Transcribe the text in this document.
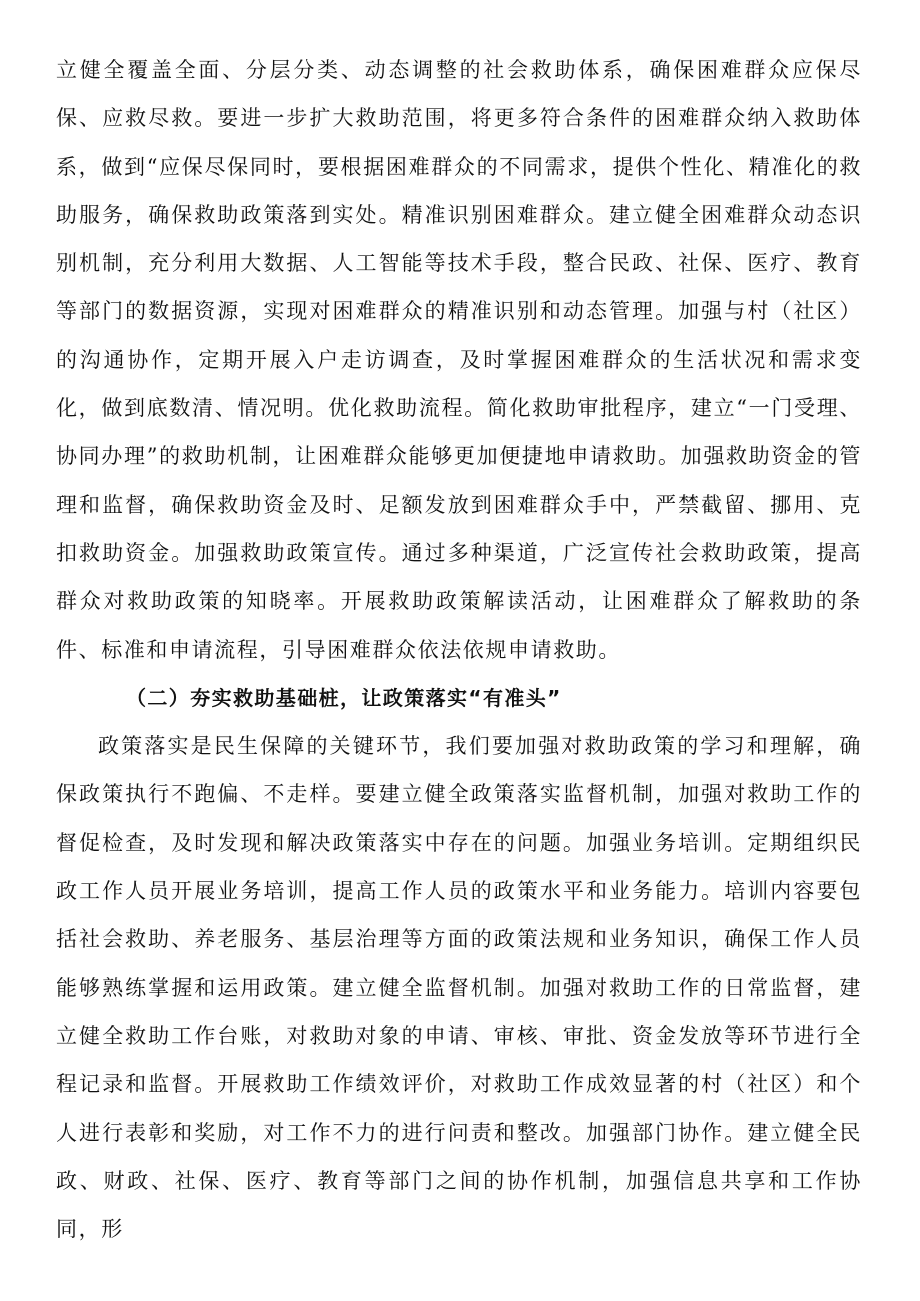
立健全覆盖全面、分层分类、动态调整的社会救助体系，确保困难群众应保尽保、应救尽救。要进一步扩大救助范围，将更多符合条件的困难群众纳入救助体系，做到“应保尽保同时，要根据困难群众的不同需求，提供个性化、精准化的救助服务，确保救助政策落到实处。精准识别困难群众。建立健全困难群众动态识别机制，充分利用大数据、人工智能等技术手段，整合民政、社保、医疗、教育等部门的数据资源，实现对困难群众的精准识别和动态管理。加强与村（社区）的沟通协作，定期开展入户走访调查，及时掌握困难群众的生活状况和需求变化，做到底数清、情况明。优化救助流程。简化救助审批程序，建立“一门受理、协同办理”的救助机制，让困难群众能够更加便捷地申请救助。加强救助资金的管理和监督，确保救助资金及时、足额发放到困难群众手中，严禁截留、挪用、克扣救助资金。加强救助政策宣传。通过多种渠道，广泛宣传社会救助政策，提高群众对救助政策的知晓率。开展救助政策解读活动，让困难群众了解救助的条件、标准和申请流程，引导困难群众依法依规申请救助。

（二）夯实救助基础桩，让政策落实“有准头”

政策落实是民生保障的关键环节，我们要加强对救助政策的学习和理解，确保政策执行不跑偏、不走样。要建立健全政策落实监督机制，加强对救助工作的督促检查，及时发现和解决政策落实中存在的问题。加强业务培训。定期组织民政工作人员开展业务培训，提高工作人员的政策水平和业务能力。培训内容要包括社会救助、养老服务、基层治理等方面的政策法规和业务知识，确保工作人员能够熟练掌握和运用政策。建立健全监督机制。加强对救助工作的日常监督，建立健全救助工作台账，对救助对象的申请、审核、审批、资金发放等环节进行全程记录和监督。开展救助工作绩效评价，对救助工作成效显著的村（社区）和个人进行表彰和奖励，对工作不力的进行问责和整改。加强部门协作。建立健全民政、财政、社保、医疗、教育等部门之间的协作机制，加强信息共享和工作协同，形
